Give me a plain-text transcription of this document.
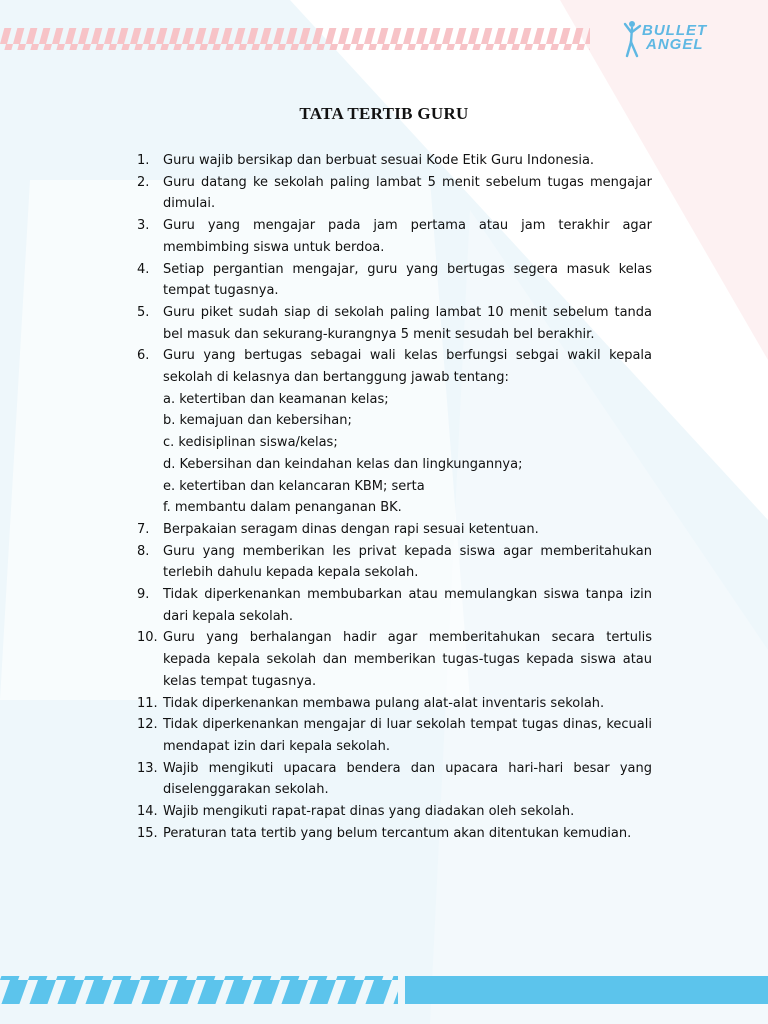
BULLET
ANGEL
TATA TERTIB GURU
1. Guru wajib bersikap dan berbuat sesuai Kode Etik Guru Indonesia.
2. Guru datang ke sekolah paling lambat 5 menit sebelum tugas mengajar dimulai.
3. Guru yang mengajar pada jam pertama atau jam terakhir agar membimbing siswa untuk berdoa.
4. Setiap pergantian mengajar, guru yang bertugas segera masuk kelas tempat tugasnya.
5. Guru piket sudah siap di sekolah paling lambat 10 menit sebelum tanda bel masuk dan sekurang-kurangnya 5 menit sesudah bel berakhir.
6. Guru yang bertugas sebagai wali kelas berfungsi sebgai wakil kepala sekolah di kelasnya dan bertanggung jawab tentang:
a. ketertiban dan keamanan kelas;
b. kemajuan dan kebersihan;
c. kedisiplinan siswa/kelas;
d. Kebersihan dan keindahan kelas dan lingkungannya;
e. ketertiban dan kelancaran KBM; serta
f. membantu dalam penanganan BK.
7. Berpakaian seragam dinas dengan rapi sesuai ketentuan.
8. Guru yang memberikan les privat kepada siswa agar memberitahukan terlebih dahulu kepada kepala sekolah.
9. Tidak diperkenankan membubarkan atau memulangkan siswa tanpa izin dari kepala sekolah.
10. Guru yang berhalangan hadir agar memberitahukan secara tertulis kepada kepala sekolah dan memberikan tugas-tugas kepada siswa atau kelas tempat tugasnya.
11. Tidak diperkenankan membawa pulang alat-alat inventaris sekolah.
12. Tidak diperkenankan mengajar di luar sekolah tempat tugas dinas, kecuali mendapat izin dari kepala sekolah.
13. Wajib mengikuti upacara bendera dan upacara hari-hari besar yang diselenggarakan sekolah.
14. Wajib mengikuti rapat-rapat dinas yang diadakan oleh sekolah.
15. Peraturan tata tertib yang belum tercantum akan ditentukan kemudian.
